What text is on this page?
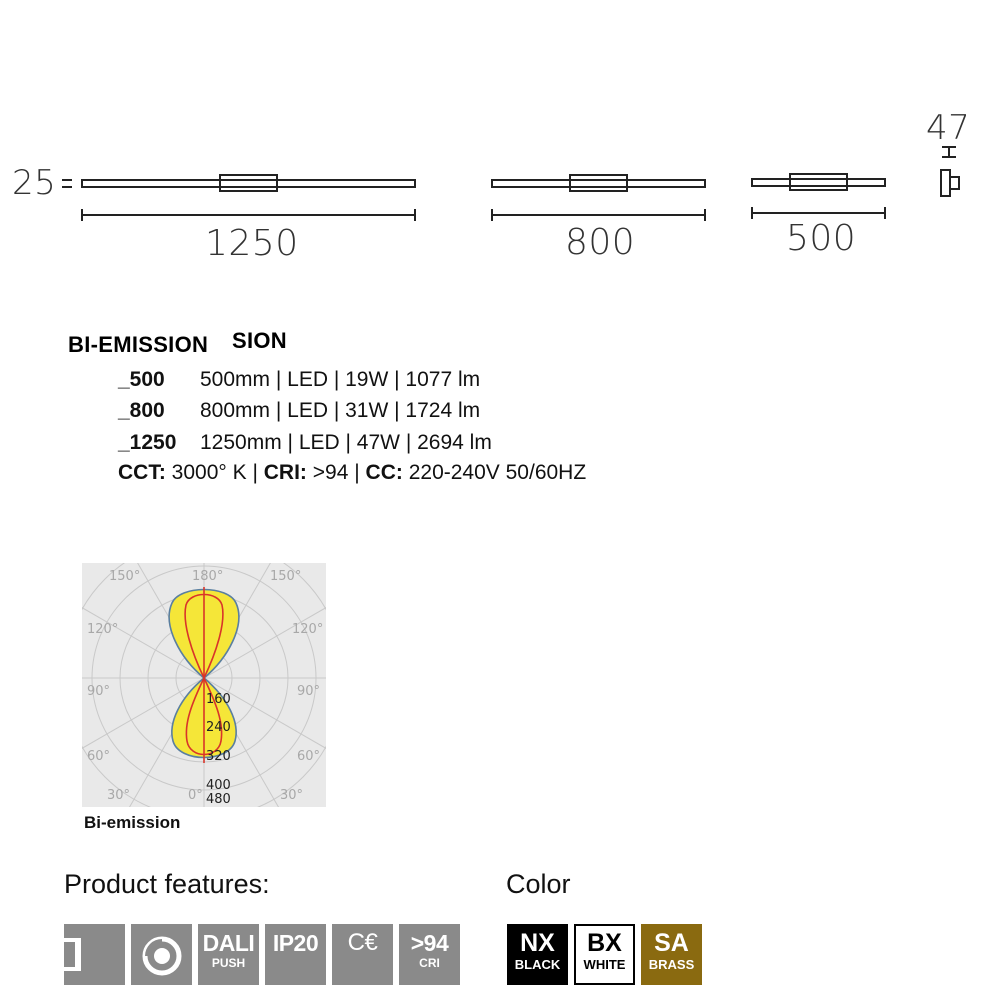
25
47
1250	800	500
SION
BI-EMISSION
_500 500mm | LED | 19W | 1077 lm
_800 800mm | LED | 31W | 1724 lm
_1250 1250mm | LED | 47W | 2694 lm
CCT: 3000° K | CRI: >94 | CC: 220-240V 50/60HZ
180°
150°	150°
120°	120°
90°	90°
60°	60°
30°	30°
0°
160
240
320
400
480
Bi-emission
Product features:
DALI
PUSH
IP20	C€	>94
CRI
Color
NX
BLACK
BX
WHITE
SA
BRASS
